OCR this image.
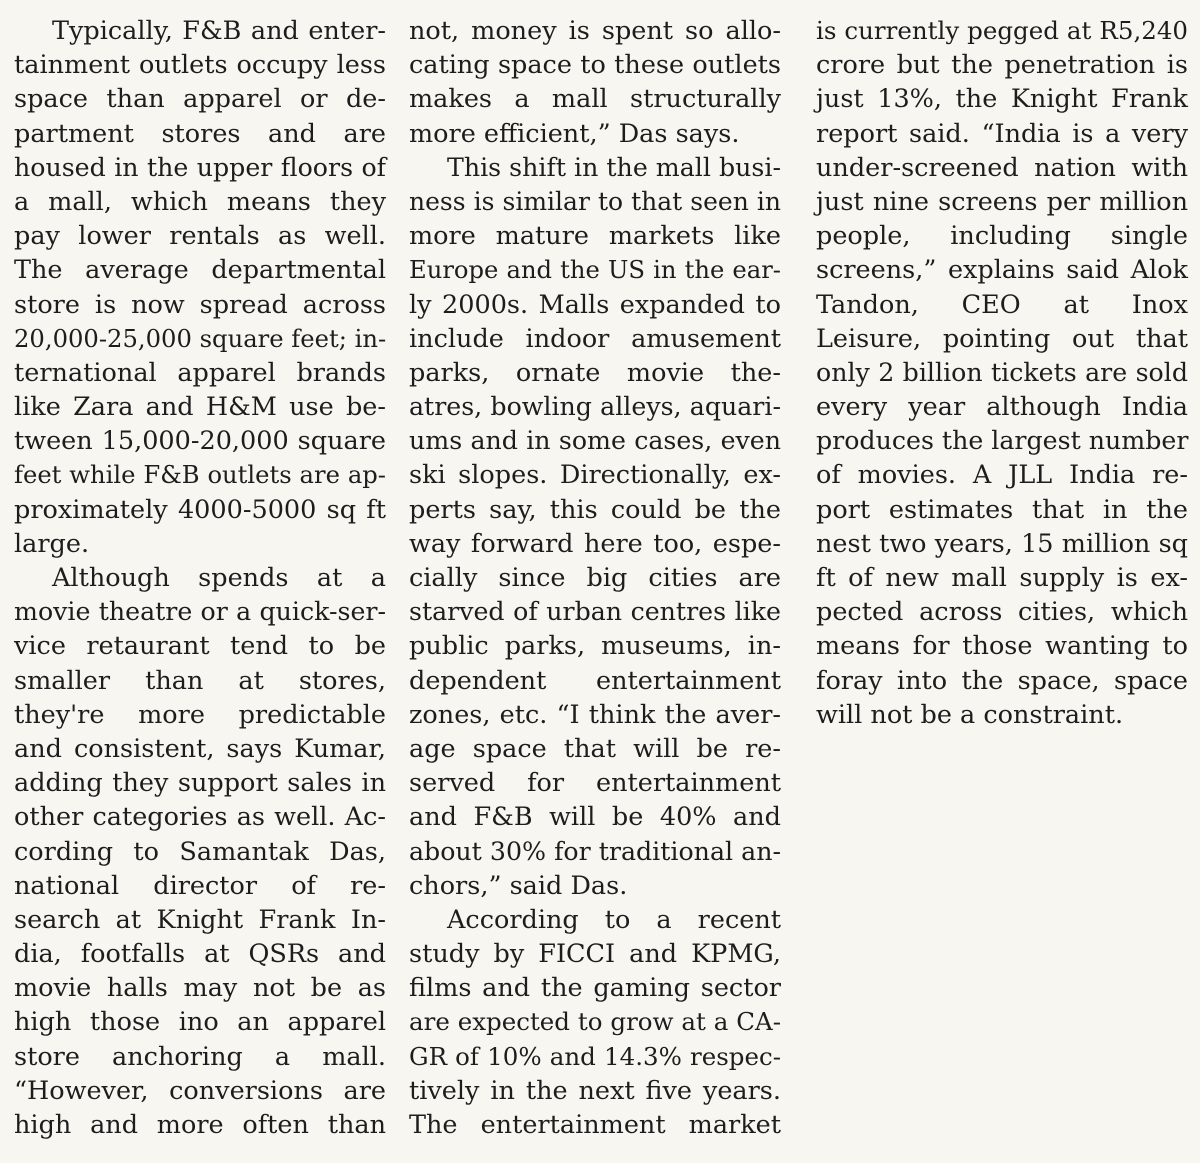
Typically, F&B and enter-
tainment outlets occupy less
space than apparel or de-
partment stores and are
housed in the upper floors of
a mall, which means they
pay lower rentals as well.
The average departmental
store is now spread across
20,000-25,000 square feet; in-
ternational apparel brands
like Zara and H&M use be-
tween 15,000-20,000 square
feet while F&B outlets are ap-
proximately 4000-5000 sq ft
large.
Although spends at a
movie theatre or a quick-ser-
vice retaurant tend to be
smaller than at stores,
they're more predictable
and consistent, says Kumar,
adding they support sales in
other categories as well. Ac-
cording to Samantak Das,
national director of re-
search at Knight Frank In-
dia, footfalls at QSRs and
movie halls may not be as
high those ino an apparel
store anchoring a mall.
“However, conversions are
high and more often than
not, money is spent so allo-
cating space to these outlets
makes a mall structurally
more efficient,” Das says.
This shift in the mall busi-
ness is similar to that seen in
more mature markets like
Europe and the US in the ear-
ly 2000s. Malls expanded to
include indoor amusement
parks, ornate movie the-
atres, bowling alleys, aquari-
ums and in some cases, even
ski slopes. Directionally, ex-
perts say, this could be the
way forward here too, espe-
cially since big cities are
starved of urban centres like
public parks, museums, in-
dependent entertainment
zones, etc. “I think the aver-
age space that will be re-
served for entertainment
and F&B will be 40% and
about 30% for traditional an-
chors,” said Das.
According to a recent
study by FICCI and KPMG,
films and the gaming sector
are expected to grow at a CA-
GR of 10% and 14.3% respec-
tively in the next five years.
The entertainment market
is currently pegged at R5,240
crore but the penetration is
just 13%, the Knight Frank
report said. “India is a very
under-screened nation with
just nine screens per million
people, including single
screens,” explains said Alok
Tandon, CEO at Inox
Leisure, pointing out that
only 2 billion tickets are sold
every year although India
produces the largest number
of movies. A JLL India re-
port estimates that in the
nest two years, 15 million sq
ft of new mall supply is ex-
pected across cities, which
means for those wanting to
foray into the space, space
will not be a constraint.
